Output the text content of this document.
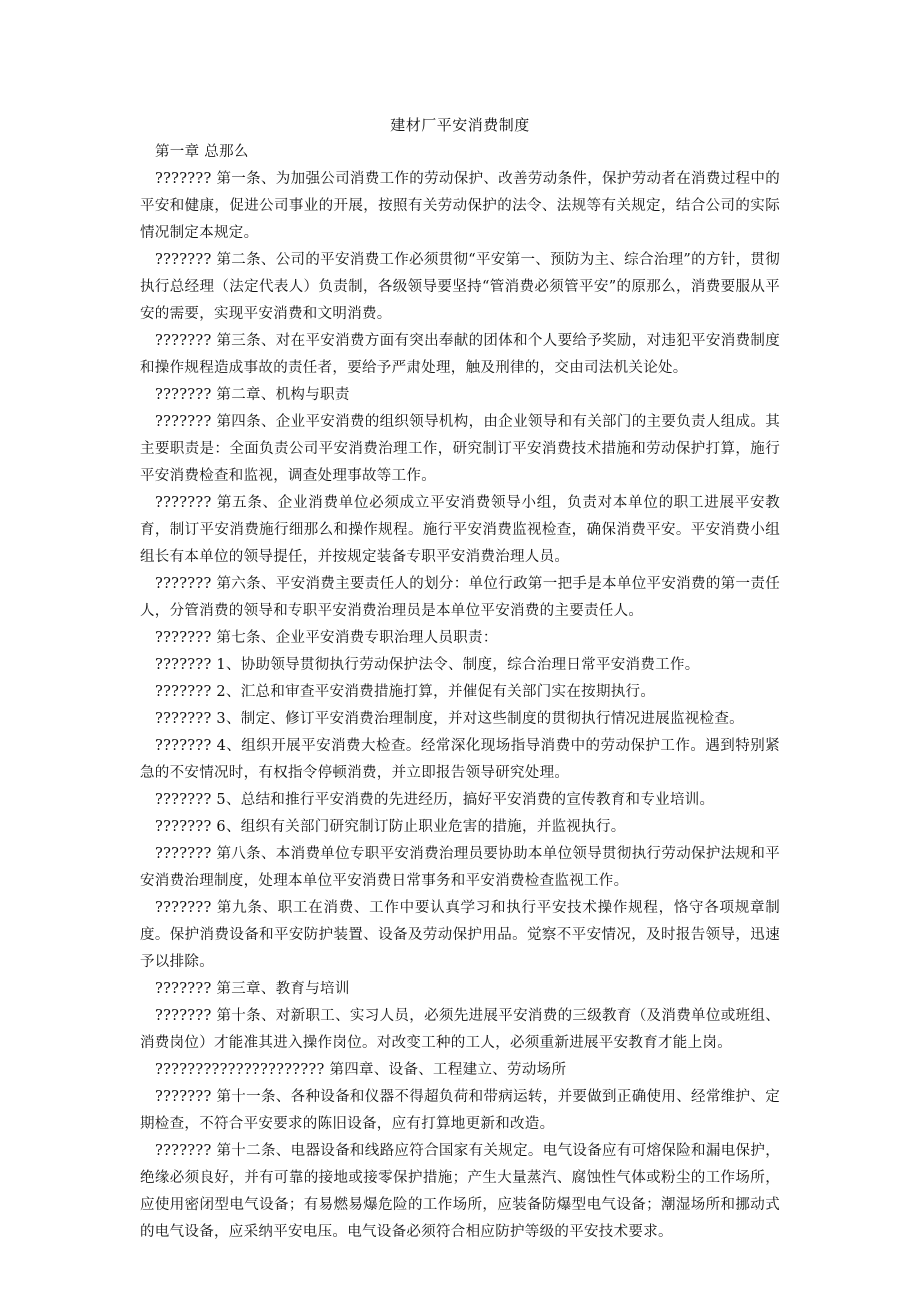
建材厂平安消费制度

第一章 总那么

??????? 第一条、为加强公司消费工作的劳动保护、改善劳动条件，保护劳动者在消费过程中的平安和健康，促进公司事业的开展，按照有关劳动保护的法令、法规等有关规定，结合公司的实际情况制定本规定。

??????? 第二条、公司的平安消费工作必须贯彻“平安第一、预防为主、综合治理”的方针，贯彻执行总经理（法定代表人）负责制，各级领导要坚持“管消费必须管平安”的原那么，消费要服从平安的需要，实现平安消费和文明消费。

??????? 第三条、对在平安消费方面有突出奉献的团体和个人要给予奖励，对违犯平安消费制度和操作规程造成事故的责任者，要给予严肃处理，触及刑律的，交由司法机关论处。

??????? 第二章、机构与职责

??????? 第四条、企业平安消费的组织领导机构，由企业领导和有关部门的主要负责人组成。其主要职责是：全面负责公司平安消费治理工作，研究制订平安消费技术措施和劳动保护打算，施行平安消费检查和监视，调查处理事故等工作。

??????? 第五条、企业消费单位必须成立平安消费领导小组，负责对本单位的职工进展平安教育，制订平安消费施行细那么和操作规程。施行平安消费监视检查，确保消费平安。平安消费小组组长有本单位的领导提任，并按规定装备专职平安消费治理人员。

??????? 第六条、平安消费主要责任人的划分：单位行政第一把手是本单位平安消费的第一责任人，分管消费的领导和专职平安消费治理员是本单位平安消费的主要责任人。

??????? 第七条、企业平安消费专职治理人员职责：

??????? 1、协助领导贯彻执行劳动保护法令、制度，综合治理日常平安消费工作。

??????? 2、汇总和审查平安消费措施打算，并催促有关部门实在按期执行。

??????? 3、制定、修订平安消费治理制度，并对这些制度的贯彻执行情况进展监视检查。

??????? 4、组织开展平安消费大检查。经常深化现场指导消费中的劳动保护工作。遇到特别紧急的不安情况时，有权指令停顿消费，并立即报告领导研究处理。

??????? 5、总结和推行平安消费的先进经历，搞好平安消费的宣传教育和专业培训。

??????? 6、组织有关部门研究制订防止职业危害的措施，并监视执行。

??????? 第八条、本消费单位专职平安消费治理员要协助本单位领导贯彻执行劳动保护法规和平安消费治理制度，处理本单位平安消费日常事务和平安消费检查监视工作。

??????? 第九条、职工在消费、工作中要认真学习和执行平安技术操作规程，恪守各项规章制度。保护消费设备和平安防护装置、设备及劳动保护用品。觉察不平安情况，及时报告领导，迅速予以排除。

??????? 第三章、教育与培训

??????? 第十条、对新职工、实习人员，必须先进展平安消费的三级教育（及消费单位或班组、消费岗位）才能准其进入操作岗位。对改变工种的工人，必须重新进展平安教育才能上岗。

????????????????????? 第四章、设备、工程建立、劳动场所

??????? 第十一条、各种设备和仪器不得超负荷和带病运转，并要做到正确使用、经常维护、定期检查，不符合平安要求的陈旧设备，应有打算地更新和改造。

??????? 第十二条、电器设备和线路应符合国家有关规定。电气设备应有可熔保险和漏电保护，绝缘必须良好，并有可靠的接地或接零保护措施；产生大量蒸汽、腐蚀性气体或粉尘的工作场所，应使用密闭型电气设备；有易燃易爆危险的工作场所，应装备防爆型电气设备；潮湿场所和挪动式的电气设备，应采纳平安电压。电气设备必须符合相应防护等级的平安技术要求。
